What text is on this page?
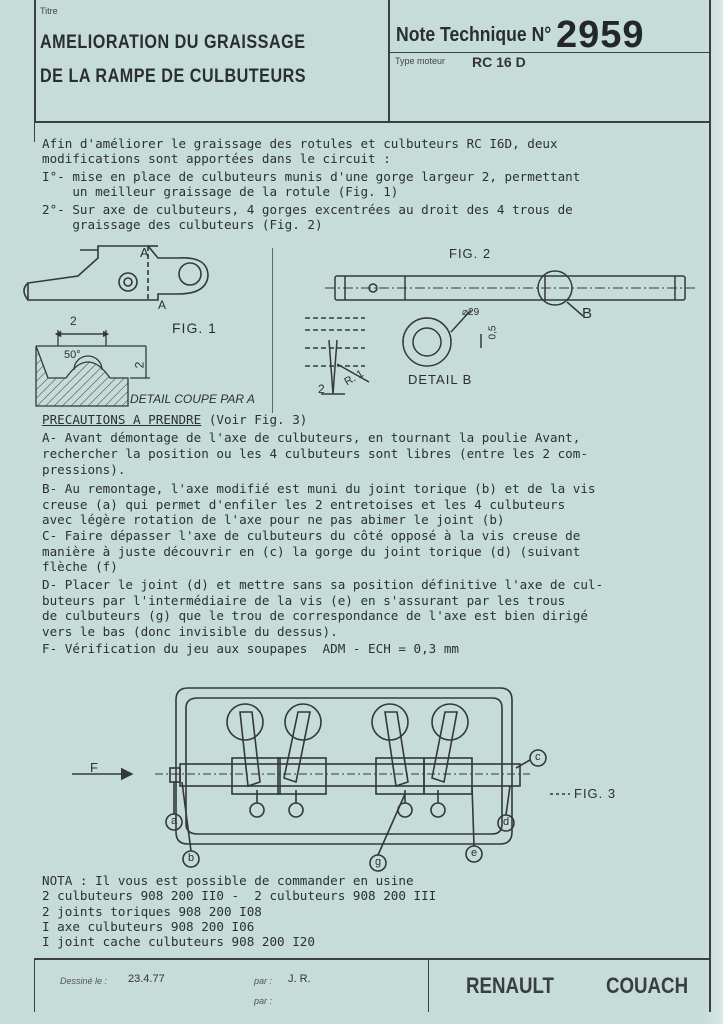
Titre
AMELIORATION DU GRAISSAGE
DE LA RAMPE DE CULBUTEURS
Note Technique N° 2959
Type moteur RC 16 D
Afin d'améliorer le graissage des rotules et culbuteurs RC I6D, deux
modifications sont apportées dans le circuit :
I°- mise en place de culbuteurs munis d'une gorge largeur 2, permettant
un meilleur graissage de la rotule (Fig. 1)
2°- Sur axe de culbuteurs, 4 gorges excentrées au droit des 4 trous de
graissage des culbuteurs (Fig. 2)
A
A
FIG. 1
2
2
50°
DETAIL COUPE PAR A
FIG. 2
B
DETAIL B
R. 1
2
⌀29
0,5
PRECAUTIONS A PRENDRE (Voir Fig. 3)
A- Avant démontage de l'axe de culbuteurs, en tournant la poulie Avant,
rechercher la position ou les 4 culbuteurs sont libres (entre les 2 com-
pressions).
B- Au remontage, l'axe modifié est muni du joint torique (b) et de la vis
creuse (a) qui permet d'enfiler les 2 entretoises et les 4 culbuteurs
avec légère rotation de l'axe pour ne pas abimer le joint (b)
C- Faire dépasser l'axe de culbuteurs du côté opposé à la vis creuse de
manière à juste découvrir en (c) la gorge du joint torique (d) (suivant
flèche (f)
D- Placer le joint (d) et mettre sans sa position définitive l'axe de cul-
buteurs par l'intermédiaire de la vis (e) en s'assurant par les trous
de culbuteurs (g) que le trou de correspondance de l'axe est bien dirigé
vers le bas (donc invisible du dessus).
F- Vérification du jeu aux soupapes  ADM - ECH = 0,3 mm
F
FIG. 3
a
b
c
d
e
g
NOTA : Il vous est possible de commander en usine
2 culbuteurs 908 200 II0 -  2 culbuteurs 908 200 III
2 joints toriques 908 200 I08
I axe culbuteurs 908 200 I06
I joint cache culbuteurs 908 200 I20
Dessiné le : 23.4.77	par : J. R.
par :
RENAULT COUACH
